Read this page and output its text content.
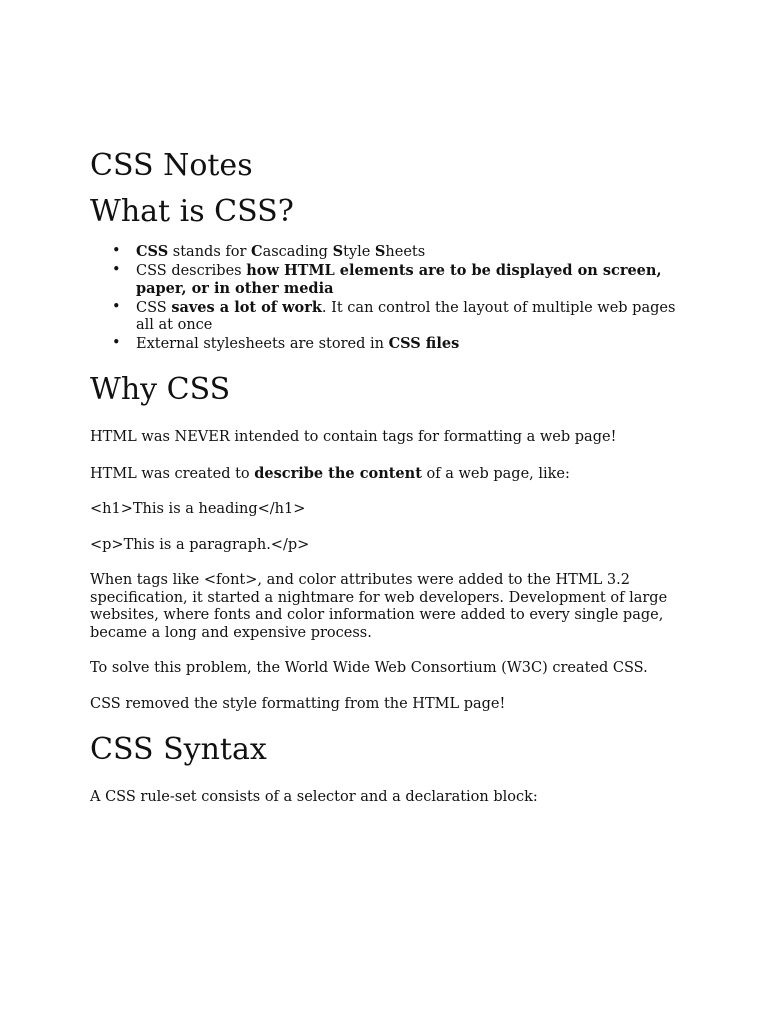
CSS Notes
What is CSS?
• CSS stands for Cascading Style Sheets
• CSS describes how HTML elements are to be displayed on screen, paper, or in other media
• CSS saves a lot of work. It can control the layout of multiple web pages all at once
• External stylesheets are stored in CSS files
Why CSS

HTML was NEVER intended to contain tags for formatting a web page!

HTML was created to describe the content of a web page, like:

<h1>This is a heading</h1>

<p>This is a paragraph.</p>

When tags like <font>, and color attributes were added to the HTML 3.2 specification, it started a nightmare for web developers. Development of large websites, where fonts and color information were added to every single page, became a long and expensive process.

To solve this problem, the World Wide Web Consortium (W3C) created CSS.

CSS removed the style formatting from the HTML page!

CSS Syntax

A CSS rule-set consists of a selector and a declaration block:
